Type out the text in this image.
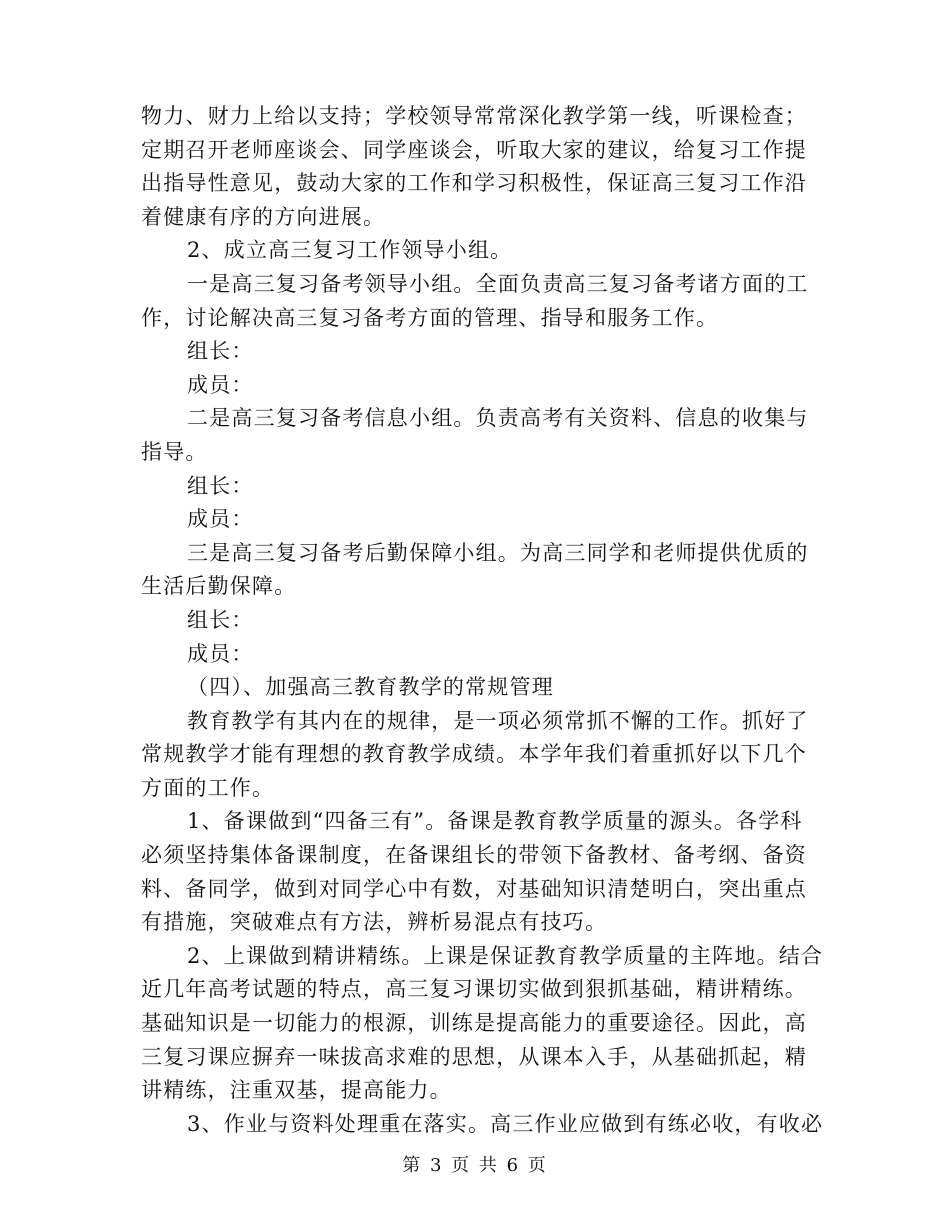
物力、财力上给以支持；学校领导常常深化教学第一线，听课检查；
定期召开老师座谈会、同学座谈会，听取大家的建议，给复习工作提
出指导性意见，鼓动大家的工作和学习积极性，保证高三复习工作沿
着健康有序的方向进展。
2、成立高三复习工作领导小组。
一是高三复习备考领导小组。全面负责高三复习备考诸方面的工
作，讨论解决高三复习备考方面的管理、指导和服务工作。
组长：
成员：
二是高三复习备考信息小组。负责高考有关资料、信息的收集与
指导。
组长：
成员：
三是高三复习备考后勤保障小组。为高三同学和老师提供优质的
生活后勤保障。
组长：
成员：
（四）、加强高三教育教学的常规管理
教育教学有其内在的规律，是一项必须常抓不懈的工作。抓好了
常规教学才能有理想的教育教学成绩。本学年我们着重抓好以下几个
方面的工作。
1、备课做到“四备三有”。备课是教育教学质量的源头。各学科
必须坚持集体备课制度，在备课组长的带领下备教材、备考纲、备资
料、备同学，做到对同学心中有数，对基础知识清楚明白，突出重点
有措施，突破难点有方法，辨析易混点有技巧。
2、上课做到精讲精练。上课是保证教育教学质量的主阵地。结合
近几年高考试题的特点，高三复习课切实做到狠抓基础，精讲精练。
基础知识是一切能力的根源，训练是提高能力的重要途径。因此，高
三复习课应摒弃一味拔高求难的思想，从课本入手，从基础抓起，精
讲精练，注重双基，提高能力。
3、作业与资料处理重在落实。高三作业应做到有练必收，有收必
第 3 页 共 6 页
